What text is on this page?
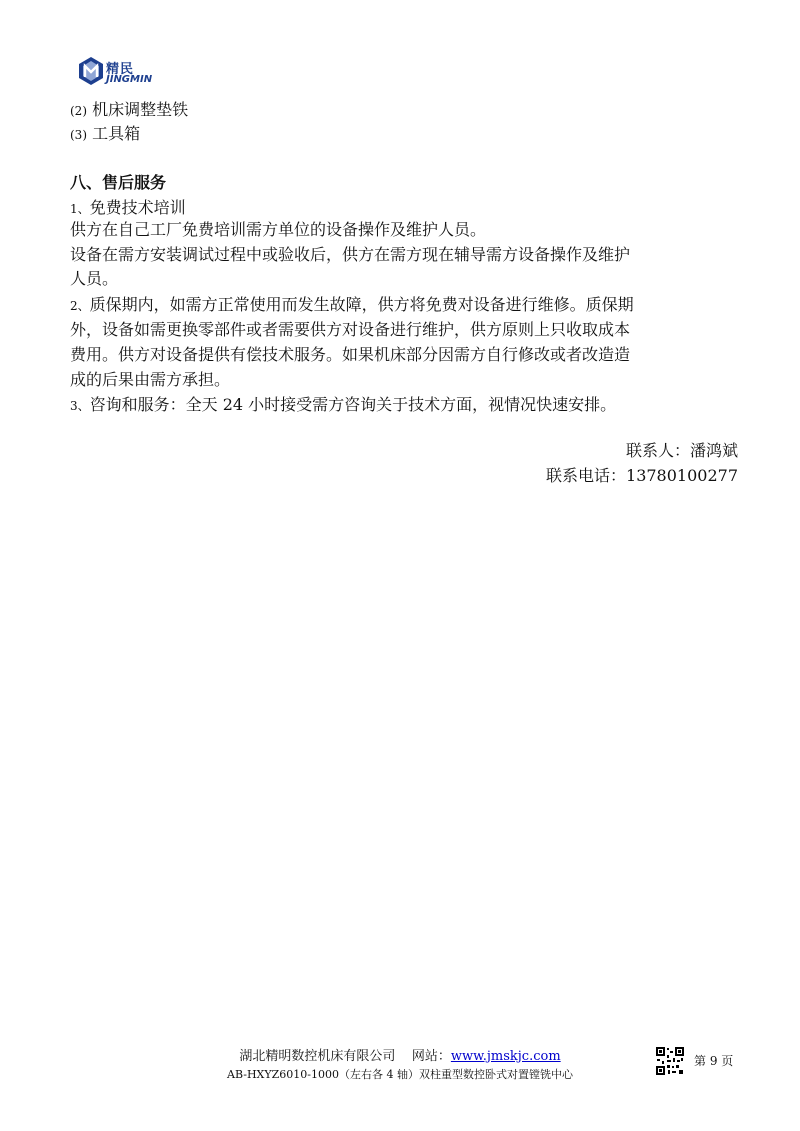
精民
JINGMIN
(2) 机床调整垫铁
(3) 工具箱
八、售后服务
1、免费技术培训
供方在自己工厂免费培训需方单位的设备操作及维护人员。
设备在需方安装调试过程中或验收后，供方在需方现在辅导需方设备操作及维护
人员。
2、质保期内，如需方正常使用而发生故障，供方将免费对设备进行维修。质保期
外，设备如需更换零部件或者需要供方对设备进行维护，供方原则上只收取成本
费用。供方对设备提供有偿技术服务。如果机床部分因需方自行修改或者改造造
成的后果由需方承担。
3、咨询和服务：全天 24 小时接受需方咨询关于技术方面，视情况快速安排。
联系人：潘鸿斌
联系电话：13780100277
湖北精明数控机床有限公司 网站：www.jmskjc.com
AB-HXYZ6010-1000（左右各 4 轴）双柱重型数控卧式对置镗铣中心
第 9 页
